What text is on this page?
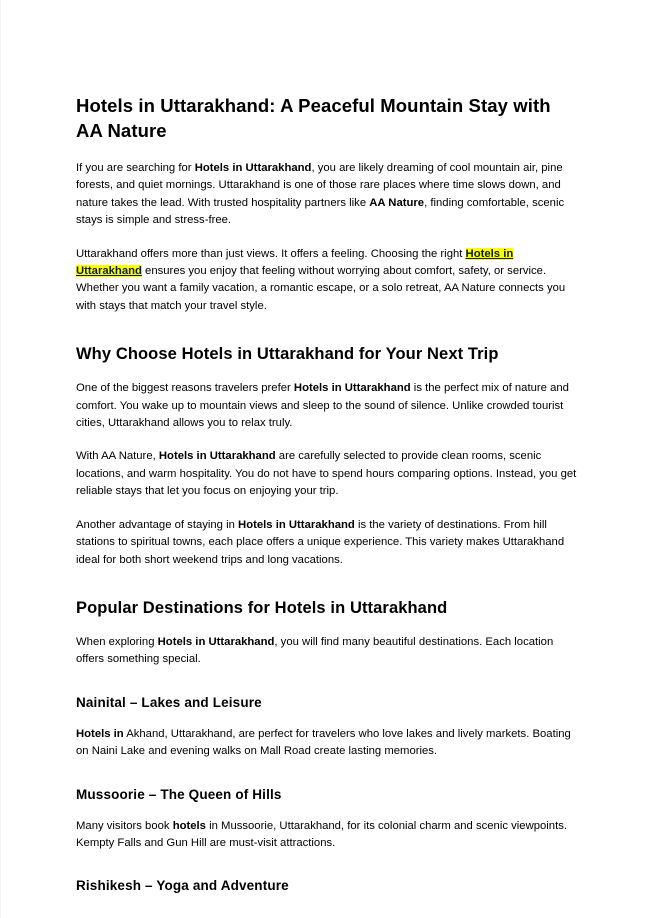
Hotels in Uttarakhand: A Peaceful Mountain Stay with AA Nature

If you are searching for Hotels in Uttarakhand, you are likely dreaming of cool mountain air, pine forests, and quiet mornings. Uttarakhand is one of those rare places where time slows down, and nature takes the lead. With trusted hospitality partners like AA Nature, finding comfortable, scenic stays is simple and stress-free.

Uttarakhand offers more than just views. It offers a feeling. Choosing the right Hotels in Uttarakhand ensures you enjoy that feeling without worrying about comfort, safety, or service. Whether you want a family vacation, a romantic escape, or a solo retreat, AA Nature connects you with stays that match your travel style.

Why Choose Hotels in Uttarakhand for Your Next Trip

One of the biggest reasons travelers prefer Hotels in Uttarakhand is the perfect mix of nature and comfort. You wake up to mountain views and sleep to the sound of silence. Unlike crowded tourist cities, Uttarakhand allows you to relax truly.

With AA Nature, Hotels in Uttarakhand are carefully selected to provide clean rooms, scenic locations, and warm hospitality. You do not have to spend hours comparing options. Instead, you get reliable stays that let you focus on enjoying your trip.

Another advantage of staying in Hotels in Uttarakhand is the variety of destinations. From hill stations to spiritual towns, each place offers a unique experience. This variety makes Uttarakhand ideal for both short weekend trips and long vacations.

Popular Destinations for Hotels in Uttarakhand

When exploring Hotels in Uttarakhand, you will find many beautiful destinations. Each location offers something special.

Nainital – Lakes and Leisure

Hotels in Akhand, Uttarakhand, are perfect for travelers who love lakes and lively markets. Boating on Naini Lake and evening walks on Mall Road create lasting memories.

Mussoorie – The Queen of Hills

Many visitors book hotels in Mussoorie, Uttarakhand, for its colonial charm and scenic viewpoints. Kempty Falls and Gun Hill are must-visit attractions.

Rishikesh – Yoga and Adventure
